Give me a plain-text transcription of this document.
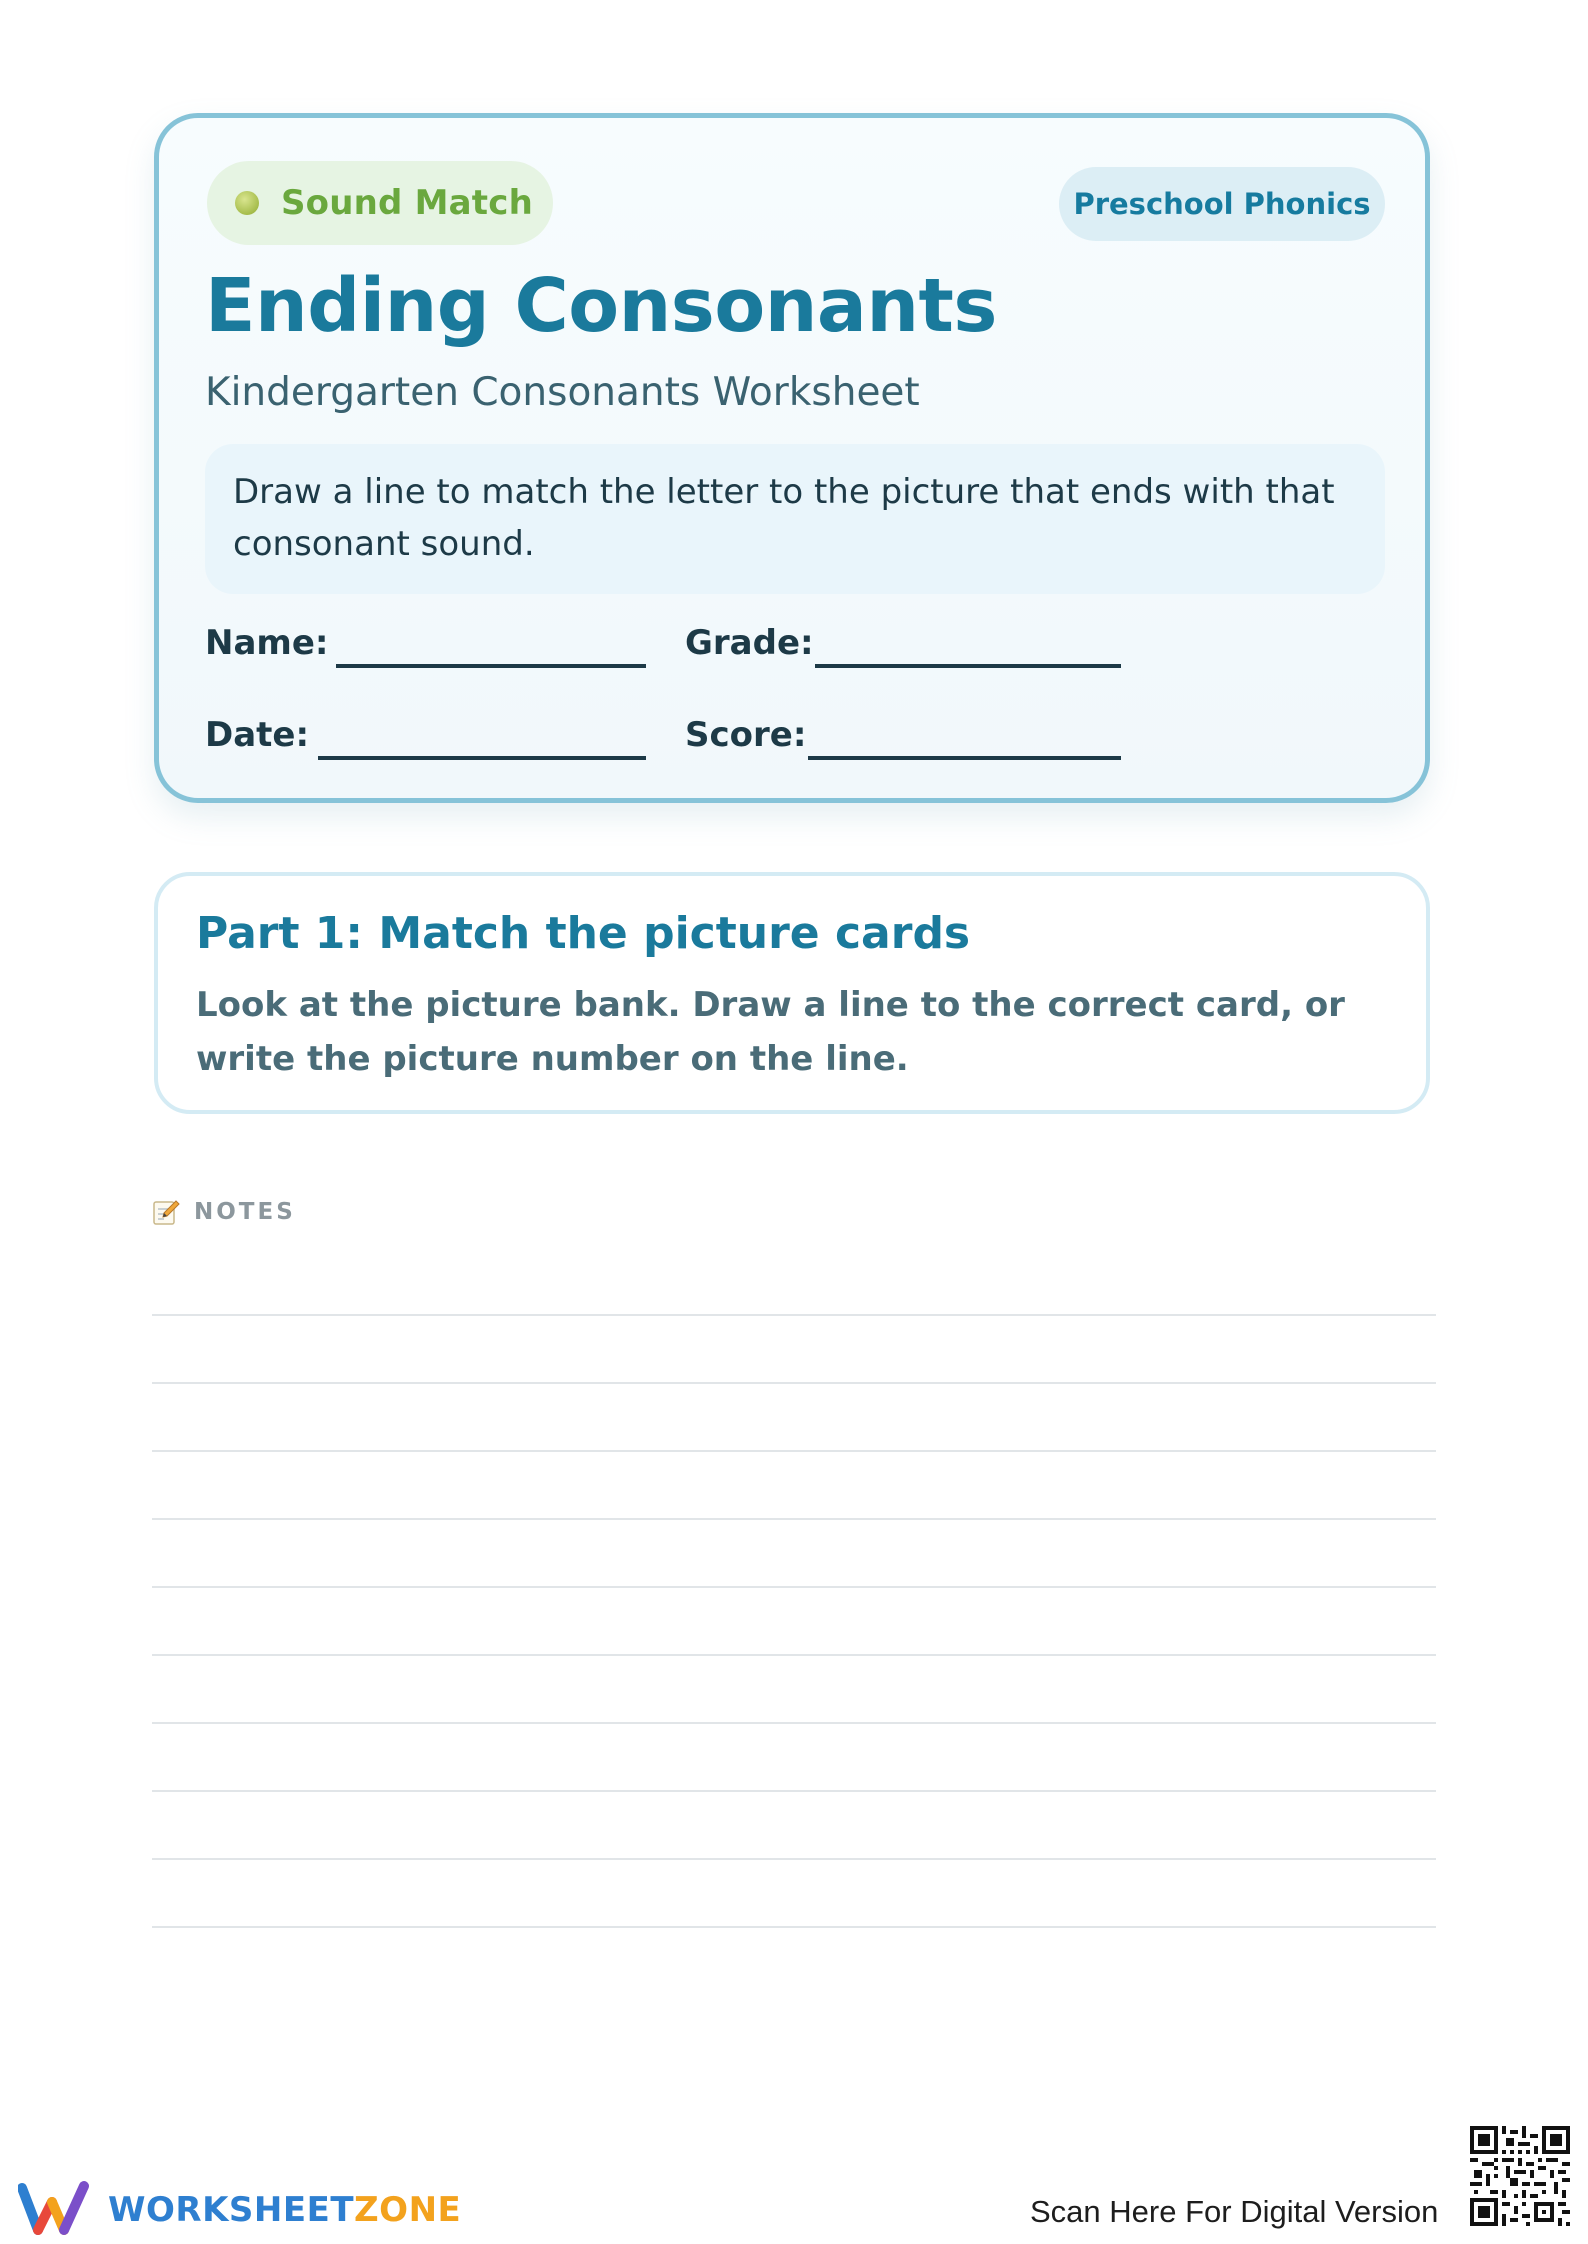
Sound Match	Preschool Phonics
Ending Consonants
Kindergarten Consonants Worksheet
Draw a line to match the letter to the picture that ends with that consonant sound.
Name:	Grade:
Date:	Score:
Part 1: Match the picture cards
Look at the picture bank. Draw a line to the correct card, or write the picture number on the line.
NOTES
WORKSHEETZONE	Scan Here For Digital Version
